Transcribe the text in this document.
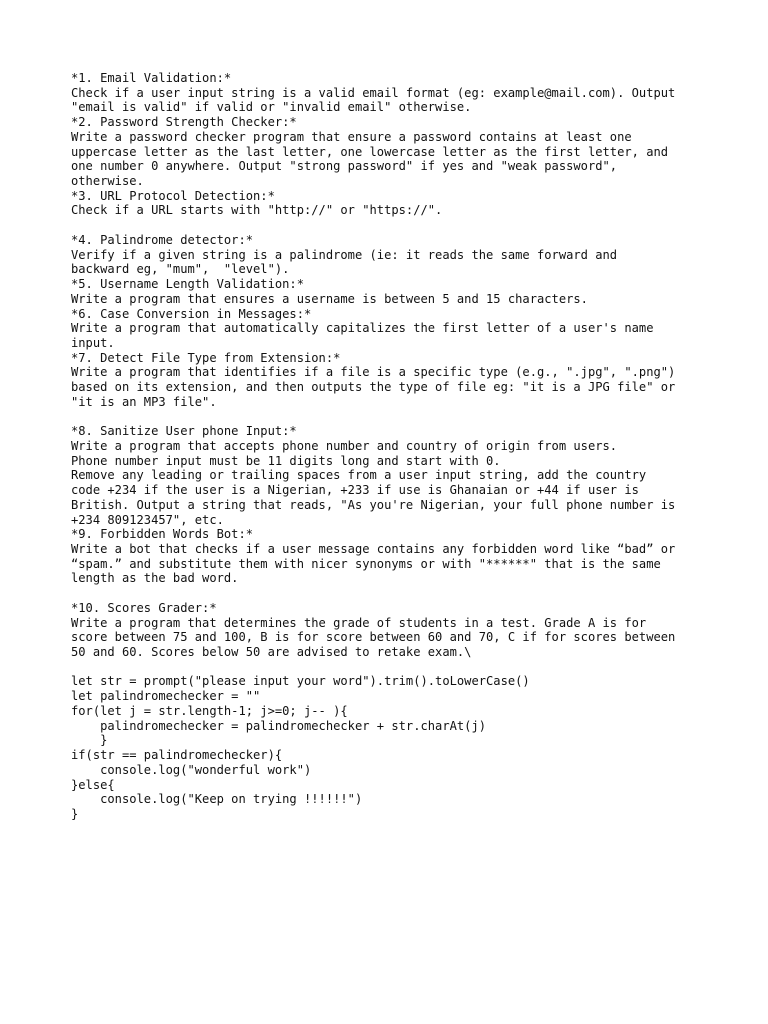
*1. Email Validation:*
Check if a user input string is a valid email format (eg: example@mail.com). Output
"email is valid" if valid or "invalid email" otherwise.
*2. Password Strength Checker:*
Write a password checker program that ensure a password contains at least one
uppercase letter as the last letter, one lowercase letter as the first letter, and
one number 0 anywhere. Output "strong password" if yes and "weak password",
otherwise.
*3. URL Protocol Detection:*
Check if a URL starts with "http://" or "https://".
*4. Palindrome detector:*
Verify if a given string is a palindrome (ie: it reads the same forward and
backward eg, "mum",  "level").
*5. Username Length Validation:*
Write a program that ensures a username is between 5 and 15 characters.
*6. Case Conversion in Messages:*
Write a program that automatically capitalizes the first letter of a user's name
input.
*7. Detect File Type from Extension:*
Write a program that identifies if a file is a specific type (e.g., ".jpg", ".png")
based on its extension, and then outputs the type of file eg: "it is a JPG file" or
"it is an MP3 file".
*8. Sanitize User phone Input:*
Write a program that accepts phone number and country of origin from users.
Phone number input must be 11 digits long and start with 0.
Remove any leading or trailing spaces from a user input string, add the country
code +234 if the user is a Nigerian, +233 if use is Ghanaian or +44 if user is
British. Output a string that reads, "As you're Nigerian, your full phone number is
+234 809123457", etc.
*9. Forbidden Words Bot:*
Write a bot that checks if a user message contains any forbidden word like “bad” or
“spam.” and substitute them with nicer synonyms or with "******" that is the same
length as the bad word.
*10. Scores Grader:*
Write a program that determines the grade of students in a test. Grade A is for
score between 75 and 100, B is for score between 60 and 70, C if for scores between
50 and 60. Scores below 50 are advised to retake exam.\
let str = prompt("please input your word").trim().toLowerCase()
let palindromechecker = ""
for(let j = str.length-1; j>=0; j-- ){
palindromechecker = palindromechecker + str.charAt(j)
}
if(str == palindromechecker){
console.log("wonderful work")
}else{
console.log("Keep on trying !!!!!!")
}
